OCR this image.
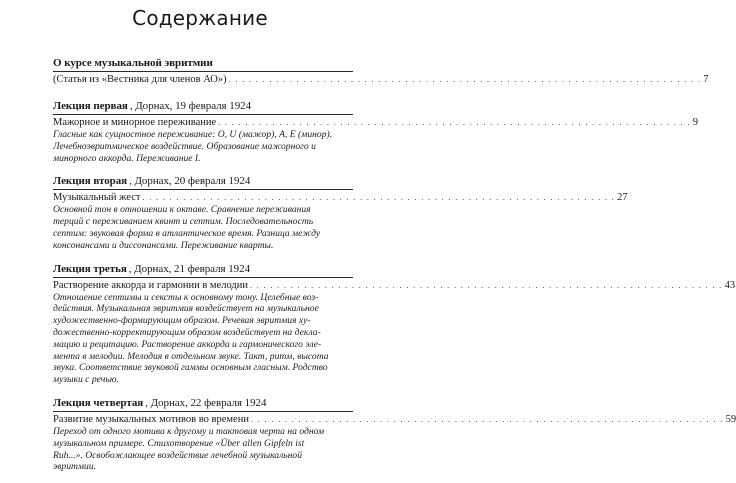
Содержание
О курсе музыкальной эвритмии
(Статья из «Вестника для членов АО») . . .	7
Лекция первая , Дорнах, 19 февраля 1924
Мажорное и минорное переживание . . .	9
Гласные как сущностное переживание: О, U (мажор), А, Е (минор).
Лечебноэвритмическое воздействие. Образование мажорного и
минорного аккорда. Переживание I.
Лекция вторая , Дорнах, 20 февраля 1924
Музыкальный жест . . .	27
Основной тон в отношении к октаве. Сравнение переживания
терций с переживанием квинт и септим. Последовательность
септим: звуковая форма в атлантическое время. Разница между
консонансами и диссонансами. Переживание кварты.
Лекция третья , Дорнах, 21 февраля 1924
Растворение аккорда и гармонии в мелодии . . .	43
Отношение септимы и сексты к основному тону. Целебные воз-
действия. Музыкальная эвритмия воздействует на музыкальное
художественно-формирующим образом. Речевая эвритмия ху-
дожественно-корректирующим образом воздействует на декла-
мацию и рецитацию. Растворение аккорда и гармонического эле-
мента в мелодии. Мелодия в отдельном звуке. Такт, ритм, высота
звука. Соответствие звуковой гаммы основным гласным. Родство
музыки с речью.
Лекция четвертая , Дорнах, 22 февраля 1924
Развитие музыкальных мотивов во времени . . .	59
Переход от одного мотива к другому и тактовая черта на одном
музыкальном примере. Стихотворение «Über allen Gipfeln ist
Ruh...». Освобожлающее воздействие лечебной музыкальной
эвритмии.
